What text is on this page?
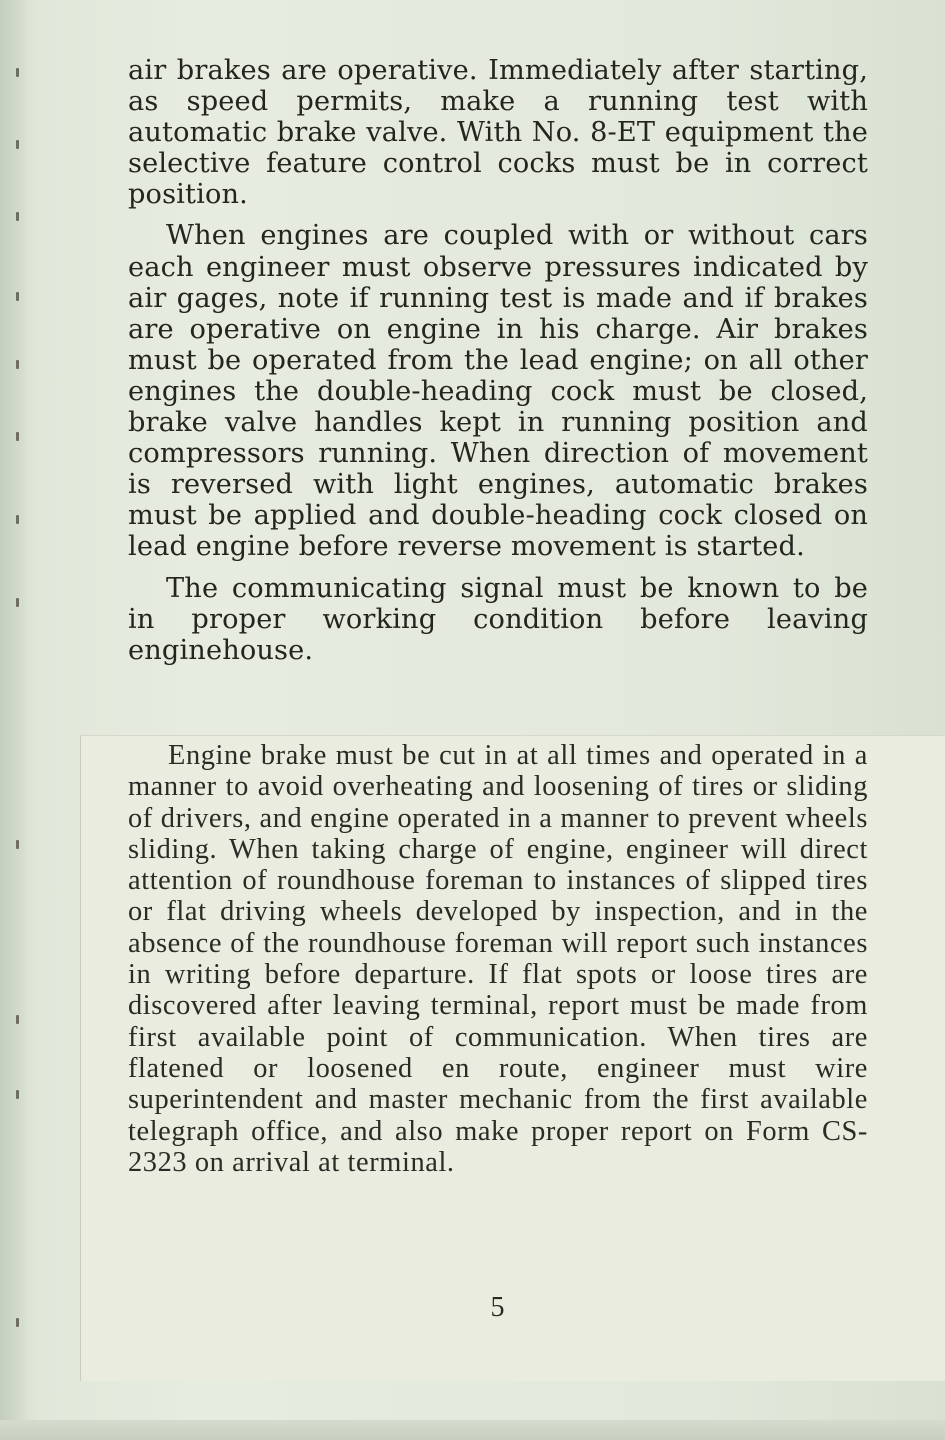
air brakes are operative. Immediately after starting, as speed permits, make a running test with automatic brake valve. With No. 8-ET equipment the selective feature control cocks must be in correct position.

When engines are coupled with or without cars each engineer must observe pressures indicated by air gages, note if running test is made and if brakes are operative on engine in his charge. Air brakes must be operated from the lead engine; on all other engines the double-heading cock must be closed, brake valve handles kept in running position and compressors running. When direction of movement is reversed with light engines, automatic brakes must be applied and double-heading cock closed on lead engine before reverse movement is started.

The communicating signal must be known to be in proper working condition before leaving enginehouse.

Engine brake must be cut in at all times and operated in a manner to avoid overheating and loosening of tires or sliding of drivers, and engine operated in a manner to prevent wheels sliding. When taking charge of engine, engineer will direct attention of roundhouse foreman to instances of slipped tires or flat driving wheels developed by inspection, and in the absence of the roundhouse foreman will report such instances in writing before departure. If flat spots or loose tires are discovered after leaving terminal, report must be made from first available point of communication. When tires are flatened or loosened en route, engineer must wire superintendent and master mechanic from the first available telegraph office, and also make proper report on Form CS-2323 on arrival at terminal.

5
